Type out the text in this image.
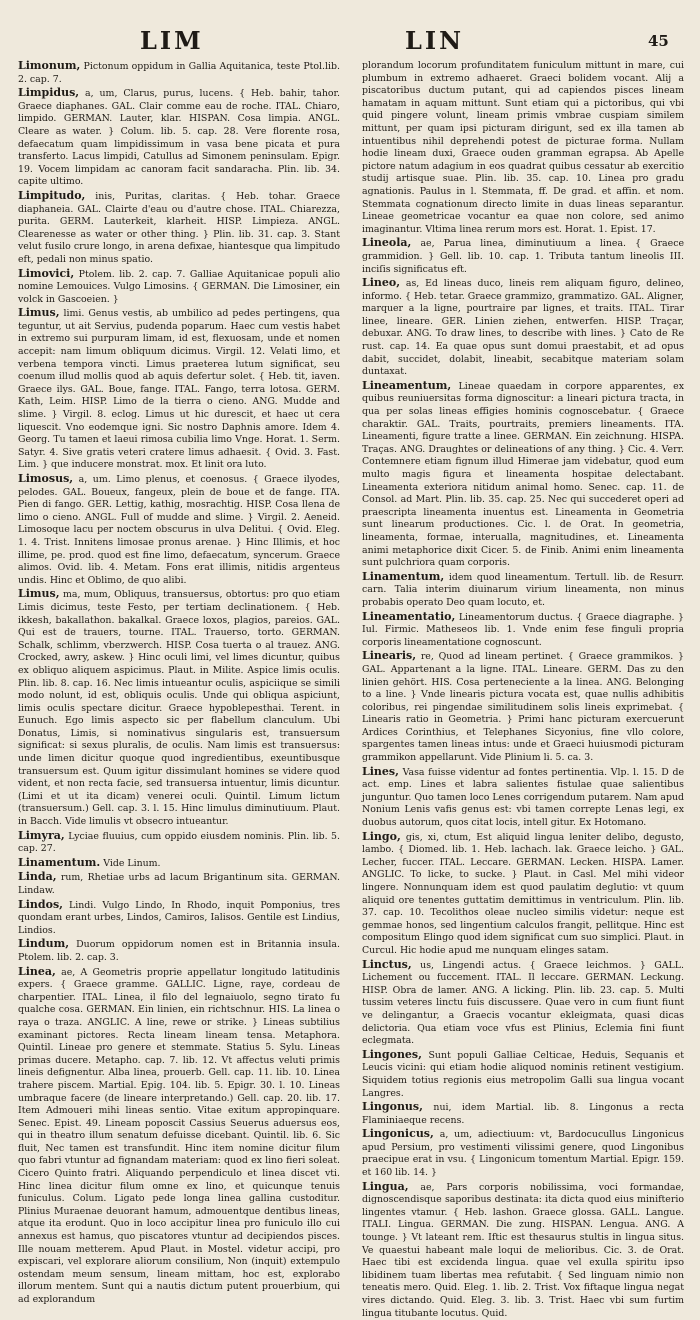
LIM	LIN	45

Limonum, Pictonum oppidum in Gallia Aquitanica, teste Ptol.lib. 2. cap. 7.

Limpidus, a, um, Clarus, purus, lucens. { Heb. bahir, tahor. Graece diaphanes. GAL. Clair comme eau de roche. ITAL. Chiaro, limpido. GERMAN. Lauter, klar. HISPAN. Cosa limpia. ANGL. Cleare as water. } Colum. lib. 5. cap. 28. Vere florente rosa, defaecatum quam limpidissimum in vasa bene picata et pura transferto. Lacus limpidi, Catullus ad Simonem peninsulam. Epigr. 19. Vocem limpidam ac canoram facit sandaracha. Plin. lib. 34. capite ultimo.

Limpitudo, inis, Puritas, claritas. { Heb. tohar. Graece diaphaneia. GAL. Clairte d'eau ou d'autre chose. ITAL. Chiarezza, purita. GERM. Lauterkeit, klarheit. HISP. Limpieza. ANGL. Clearenesse as water or other thing. } Plin. lib. 31. cap. 3. Stant velut fusilo crure longo, in arena defixae, hiantesque qua limpitudo eft, pedali non minus spatio.

Limovici, Ptolem. lib. 2. cap. 7. Galliae Aquitanicae populi alio nomine Lemouices. Vulgo Limosins. { GERMAN. Die Limosiner, ein volck in Gascoeien. }

Limus, limi. Genus vestis, ab umbilico ad pedes pertingens, qua teguntur, ut ait Servius, pudenda poparum. Haec cum vestis habet in extremo sui purpuram limam, id est, flexuosam, unde et nomen accepit: nam limum obliquum dicimus. Virgil. 12. Velati limo, et verbena tempora vincti. Limus praeterea lutum significat, seu coenum illud mollis quod ab aquis defertur solet. { Heb. tit, iaven. Graece ilys. GAL. Boue, fange. ITAL. Fango, terra lotosa. GERM. Kath, Leim. HISP. Limo de la tierra o cieno. ANG. Mudde and slime. } Virgil. 8. eclog. Limus ut hic durescit, et haec ut cera liquescit. Vno eodemque igni. Sic nostro Daphnis amore. Idem 4. Georg. Tu tamen et laeui rimosa cubilia limo Vnge. Horat. 1. Serm. Satyr. 4. Sive gratis veteri cratere limus adhaesit. { Ovid. 3. Fast. Lim. } que inducere monstrat. mox. Et linit ora luto.

Limosus, a, um. Limo plenus, et coenosus. { Graece ilyodes, pelodes. GAL. Boueux, fangeux, plein de boue et de fange. ITA. Pien di fango. GER. Lettig, kathig, mosrachtig. HISP. Cosa llena de limo o cieno. ANGL. Full of mudde and slime. } Virgil. 2. Aeneid. Limosoque lacu per noctem obscurus in ulva Delitui. { Ovid. Eleg. 1. 4. Trist. Innitens limosae pronus arenae. } Hinc Illimis, et hoc illime, pe. prod. quod est fine limo, defaecatum, syncerum. Graece alimos. Ovid. lib. 4. Metam. Fons erat illimis, nitidis argenteus undis. Hinc et Oblimo, de quo alibi.

Limus, ma, mum, Obliquus, transuersus, obtortus: pro quo etiam Limis dicimus, teste Festo, per tertiam declinationem. { Heb. ikkesh, bakallathon. bakalkal. Graece loxos, plagios, pareios. GAL. Qui est de trauers, tourne. ITAL. Trauerso, torto. GERMAN. Schalk, schlimm, vberzwerch. HISP. Cosa tuerta o al trauez. ANG. Crocked, awry, askew. } Hinc oculi limi, vel limes dicuntur, quibus ex obliquo aliquem aspicimus. Plaut. in Milite. Aspice limis oculis. Plin. lib. 8. cap. 16. Nec limis intueantur oculis, aspiciique se simili modo nolunt, id est, obliquis oculis. Unde qui obliqua aspiciunt, limis oculis spectare dicitur. Graece hypoblepesthai. Terent. in Eunuch. Ego limis aspecto sic per flabellum clanculum. Ubi Donatus, Limis, si nominativus singularis est, transuersum significat: si sexus pluralis, de oculis. Nam limis est transuersus: unde limen dicitur quoque quod ingredientibus, exeuntibusque transuersum est. Quum igitur dissimulant homines se videre quod vident, et non recta facie, sed transuersa intuentur, limis dicuntur. (Limi et ut ita dicam) venerei oculi. Quintil. Limum lictum (transuersum.) Gell. cap. 3. l. 15. Hinc limulus diminutiuum. Plaut. in Bacch. Vide limulis vt obsecro intueantur.

Limyra, Lyciae fluuius, cum oppido eiusdem nominis. Plin. lib. 5. cap. 27.

Linamentum. Vide Linum.

Linda, rum, Rhetiae urbs ad lacum Brigantinum sita. GERMAN. Lindaw.

Lindos, Lindi. Vulgo Lindo, In Rhodo, inquit Pomponius, tres quondam erant urbes, Lindos, Camiros, Ialisos. Gentile est Lindius, Lindios.

Lindum, Duorum oppidorum nomen est in Britannia insula. Ptolem. lib. 2. cap. 3.

Linea, ae, A Geometris proprie appellatur longitudo latitudinis expers. { Graece gramme. GALLIC. Ligne, raye, cordeau de charpentier. ITAL. Linea, il filo del legnaiuolo, segno tirato fu qualche cosa. GERMAN. Ein linien, ein richtschnur. HIS. La linea o raya o traza. ANGLIC. A line, rewe or strike. } Lineas subtilius examinant pictores. Recta lineam lineam tensa. Metaphora. Quintil. Lineae pro genere et stemmate. Statius 5. Sylu. Lineas primas ducere. Metapho. cap. 7. lib. 12. Vt affectus veluti primis lineis defignentur. Alba linea, prouerb. Gell. cap. 11. lib. 10. Linea trahere piscem. Martial. Epig. 104. lib. 5. Epigr. 30. l. 10. Lineas umbraque facere (de lineare interpretando.) Gell. cap. 20. lib. 17. Item Admoueri mihi lineas sentio. Vitae exitum appropinquare. Senec. Epist. 49. Lineam poposcit Cassius Seuerus aduersus eos, qui in theatro illum senatum defuisse dicebant. Quintil. lib. 6. Sic fluit, Nec tamen est transfundit. Hinc item nomine dicitur filum quo fabri vtuntur ad fignandam materiam: quod ex lino fieri soleat. Cicero Quinto fratri. Aliquando perpendiculo et linea discet vti. Hinc linea dicitur filum omne ex lino, et quicunque tenuis funiculus. Colum. Ligato pede longa linea gallina custoditur. Plinius Muraenae deuorant hamum, admouentque dentibus lineas, atque ita erodunt. Quo in loco accipitur linea pro funiculo illo cui annexus est hamus, quo piscatores vtuntur ad decipiendos pisces. Ille nouam metterem. Apud Plaut. in Mostel. videtur accipi, pro expiscari, vel explorare aliorum consilium, Non (inquit) extempulo ostendam meum sensum, lineam mittam, hoc est, explorabo illorum mentem. Sunt qui a nautis dictum putent prouerbium, qui ad explorandum

plorandum locorum profunditatem funiculum mittunt in mare, cui plumbum in extremo adhaeret. Graeci bolidem vocant. Alij a piscatoribus ductum putant, qui ad capiendos pisces lineam hamatam in aquam mittunt. Sunt etiam qui a pictoribus, qui vbi quid pingere volunt, lineam primis vmbrae cuspiam similem mittunt, per quam ipsi picturam dirigunt, sed ex illa tamen ab intuentibus nihil deprehendi potest de picturae forma. Nullam hodie lineam duxi, Graece ouden gramman egrapsa. Ab Apelle pictore natum adagium in eos quadrat quibus cessatur ab exercitio studij artisque suae. Plin. lib. 35. cap. 10. Linea pro gradu agnationis. Paulus in l. Stemmata, ff. De grad. et affin. et nom. Stemmata cognationum directo limite in duas lineas separantur. Lineae geometricae vocantur ea quae non colore, sed animo imaginantur. Vltima linea rerum mors est. Horat. 1. Epist. 17.

Lineola, ae, Parua linea, diminutiuum a linea. { Graece grammidion. } Gell. lib. 10. cap. 1. Tributa tantum lineolis III. inciſis significatus eft.

Lineo, as, Ed lineas duco, lineis rem aliquam figuro, delineo, informo. { Heb. tetar. Graece grammizo, grammatizo. GAL. Aligner, marquer a la ligne, pourtraire par lignes, et traits. ITAL. Tirar linee, lineare. GER. Linien ziehen, entwerfen. HISP. Traçar, debuxar. ANG. To draw lines, to describe with lines. } Cato de Re rust. cap. 14. Ea quae opus sunt domui praestabit, et ad opus dabit, succidet, dolabit, lineabit, secabitque materiam solam duntaxat.

Lineamentum, Lineae quaedam in corpore apparentes, ex quibus reuniuersitas forma dignoscitur: a lineari pictura tracta, in qua per solas lineas effigies hominis cognoscebatur. { Graece charaktir. GAL. Traits, pourtraits, premiers lineaments. ITA. Lineamenti, figure tratte a linee. GERMAN. Ein zeichnung. HISPA. Traças. ANG. Draughtes or delineations of any thing. } Cic. 4. Verr. Contemnere etiam fignum illud Himerae jam videbatur, quod eum multo magis figura et lineamenta hospitae delectabant. Lineamenta exteriora nitidum animal homo. Senec. cap. 11. de Consol. ad Mart. Plin. lib. 35. cap. 25. Nec qui succederet operi ad praescripta lineamenta inuentus est. Lineamenta in Geometria sunt linearum productiones. Cic. l. de Orat. In geometria, lineamenta, formae, interualla, magnitudines, et. Lineamenta animi metaphorice dixit Cicer. 5. de Finib. Animi enim lineamenta sunt pulchriora quam corporis.

Linamentum, idem quod lineamentum. Tertull. lib. de Resurr. carn. Talia interim diuinarum virium lineamenta, non minus probabis operato Deo quam locuto, et.

Lineamentatio, Lineamentorum ductus. { Graece diagraphe. } Iul. Firmic. Matheseos lib. 1. Vnde enim fese finguli propria corporis lineamentatione cognoscunt.

Linearis, re, Quod ad lineam pertinet. { Graece grammikos. } GAL. Appartenant a la ligne. ITAL. Lineare. GERM. Das zu den linien gehört. HIS. Cosa perteneciente a la linea. ANG. Belonging to a line. } Vnde linearis pictura vocata est, quae nullis adhibitis coloribus, rei pingendae similitudinem solis lineis exprimebat. { Linearis ratio in Geometria. } Primi hanc picturam exercuerunt Ardices Corinthius, et Telephanes Sicyonius, fine vllo colore, spargentes tamen lineas intus: unde et Graeci huiusmodi picturam grammikon appellarunt. Vide Plinium li. 5. ca. 3.

Lines, Vasa fuisse videntur ad fontes pertinentia. Vlp. l. 15. D de act. emp. Lines et labra salientes fistulae quae salientibus junguntur. Quo tamen loco Lenes corrigendum putarem. Nam apud Nonium Lenis vafis genus est: vbi tamen correpte Lenas legi, ex duobus autorum, quos citat locis, intell gitur. Ex Hotomano.

Lingo, gis, xi, ctum, Est aliquid lingua leniter delibo, degusto, lambo. { Diomed. lib. 1. Heb. lachach. lak. Graece leicho. } GAL. Lecher, fuccer. ITAL. Leccare. GERMAN. Lecken. HISPA. Lamer. ANGLIC. To licke, to sucke. } Plaut. in Casl. Mel mihi videor lingere. Nonnunquam idem est quod paulatim deglutio: vt quum aliquid ore tenentes guttatim demittimus in ventriculum. Plin. lib. 37. cap. 10. Tecolithos oleae nucleo similis videtur: neque est gemmae honos, sed lingentium calculos frangit, pellitque. Hinc est compositum Elingo quod idem significat cum suo simplici. Plaut. in Curcul. Hic hodie apud me nunquam elinges satam.

Linctus, us, Lingendi actus. { Graece leichmos. } GALL. Lichement ou fuccement. ITAL. Il leccare. GERMAN. Leckung. HISP. Obra de lamer. ANG. A licking. Plin. lib. 23. cap. 5. Multi tussim veteres linctu fuis discussere. Quae vero in cum fiunt fiunt ve delingantur, a Graecis vocantur ekleigmata, quasi dicas delictoria. Qua etiam voce vfus est Plinius, Eclemia fini fiunt eclegmata.

Lingones, Sunt populi Galliae Celticae, Heduis, Sequanis et Leucis vicini: qui etiam hodie aliquod nominis retinent vestigium. Siquidem totius regionis eius metropolim Galli sua lingua vocant Langres.

Lingonus, nui, idem Martial. lib. 8. Lingonus a recta Flaminiaeque recens.

Lingonicus, a, um, adiectiuum: vt, Bardocucullus Lingonicus apud Persium, pro vestimenti vilissimi genere, quod Lingonibus praecipue erat in vsu. { Lingonicum tomentum Martial. Epigr. 159. et 160 lib. 14. }

Lingua, ae, Pars corporis nobilissima, voci formandae, dignoscendisque saporibus destinata: ita dicta quod eius minifterio lingentes vtamur. { Heb. lashon. Graece glossa. GALL. Langue. ITALI. Lingua. GERMAN. Die zung. HISPAN. Lengua. ANG. A tounge. } Vt lateant rem. Iftic est thesaurus stultis in lingua situs. Ve quaestui habeant male loqui de melioribus. Cic. 3. de Orat. Haec tibi est excidenda lingua. quae vel exulla spiritu ipso libidinem tuam libertas mea refutabit. { Sed linguam nimio non teneatis mero. Quid. Eleg. 1. lib. 2. Trist. Vox fiftaque lingua negat vires dictando. Quid. Eleg. 3. lib. 3. Trist. Haec vbi sum furtim lingua titubante locutus. Quid.
